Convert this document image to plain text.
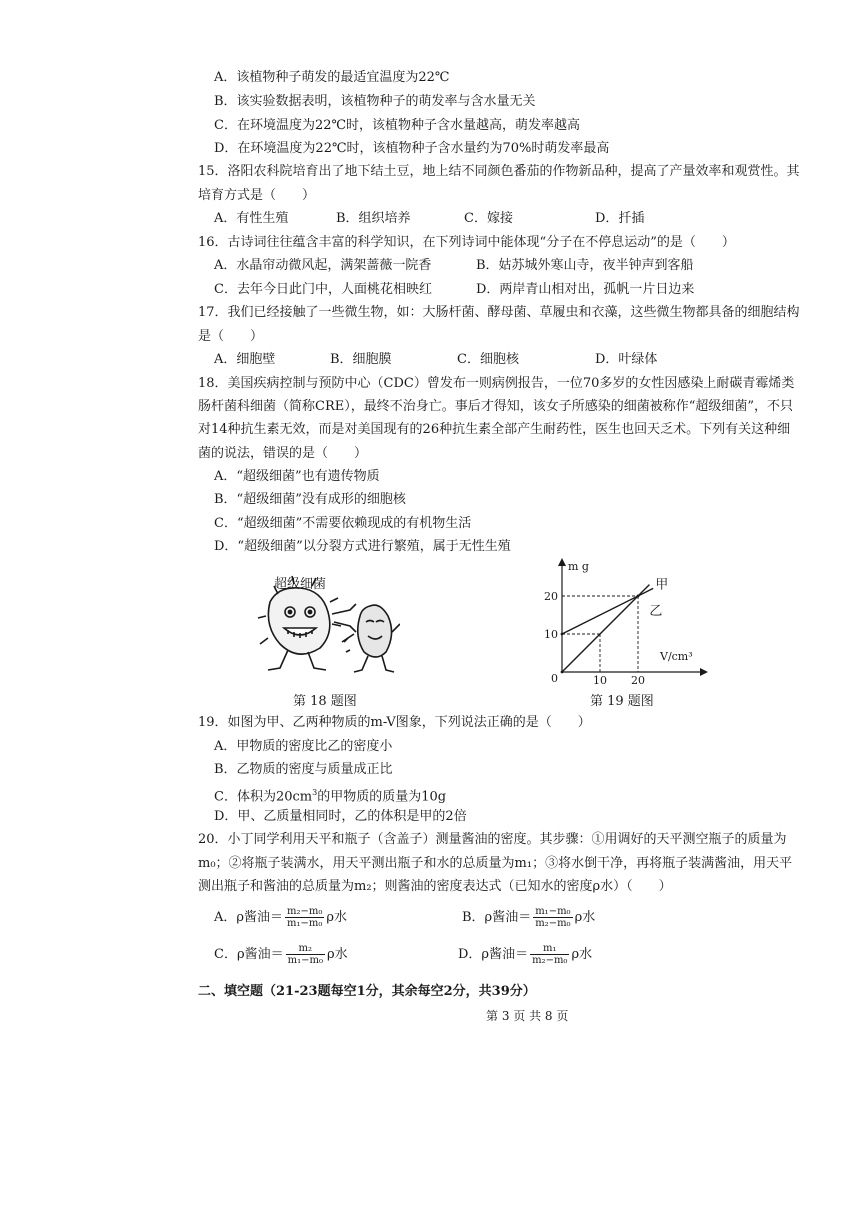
A．该植物种子萌发的最适宜温度为22℃
B．该实验数据表明，该植物种子的萌发率与含水量无关
C．在环境温度为22℃时，该植物种子含水量越高，萌发率越高
D．在环境温度为22℃时，该植物种子含水量约为70%时萌发率最高
15．洛阳农科院培育出了地下结土豆，地上结不同颜色番茄的作物新品种，提高了产量效率和观赏性。其
培育方式是（　　）
A．有性生殖	B．组织培养	C．嫁接	D．扦插
16．古诗词往往蕴含丰富的科学知识，在下列诗词中能体现“分子在不停息运动”的是（　　）
A．水晶帘动微风起，满架蔷薇一院香	B．姑苏城外寒山寺，夜半钟声到客船
C．去年今日此门中，人面桃花相映红	D．两岸青山相对出，孤帆一片日边来
17．我们已经接触了一些微生物，如：大肠杆菌、酵母菌、草履虫和衣藻，这些微生物都具备的细胞结构
是（　　）
A．细胞壁	B．细胞膜	C．细胞核	D．叶绿体
18．美国疾病控制与预防中心（CDC）曾发布一则病例报告，一位70多岁的女性因感染上耐碳青霉烯类
肠杆菌科细菌（简称CRE），最终不治身亡。事后才得知，该女子所感染的细菌被称作“超级细菌”，不只
对14种抗生素无效，而是对美国现有的26种抗生素全部产生耐药性，医生也回天乏术。下列有关这种细
菌的说法，错误的是（　　）
A．“超级细菌”也有遗传物质
B．“超级细菌”没有成形的细胞核
C．“超级细菌”不需要依赖现成的有机物生活
D．“超级细菌”以分裂方式进行繁殖，属于无性生殖
超级细菌
第 18 题图
m g
V/cm³
0	10 20
10
20
甲
乙
第 19 题图
19．如图为甲、乙两种物质的m-V图象，下列说法正确的是（　　）
A．甲物质的密度比乙的密度小
B．乙物质的密度与质量成正比
C．体积为$20cm^3$的甲物质的质量为10g
D．甲、乙质量相同时，乙的体积是甲的2倍
20．小丁同学利用天平和瓶子（含盖子）测量酱油的密度。其步骤：①用调好的天平测空瓶子的质量为
m₀；②将瓶子装满水，用天平测出瓶子和水的总质量为m₁；③将水倒干净，再将瓶子装满酱油，用天平
测出瓶子和酱油的总质量为m₂；则酱油的密度表达式（已知水的密度ρ水）（　　）
A．ρ酱油＝ $\frac{\text{m₂−m₀}}{\text{m₁−m₀}}$ ρ水	B．ρ酱油＝ $\frac{\text{m₁−m₀}}{\text{m₂−m₀}}$ ρ水
C．ρ酱油＝ $\frac{\text{m₂}}{\text{m₁−m₀}}$ ρ水	D．ρ酱油＝ $\frac{\text{m₁}}{\text{m₂−m₀}}$ ρ水
二、填空题（21-23题每空1分，其余每空2分，共39分）
第 3 页 共 8 页
